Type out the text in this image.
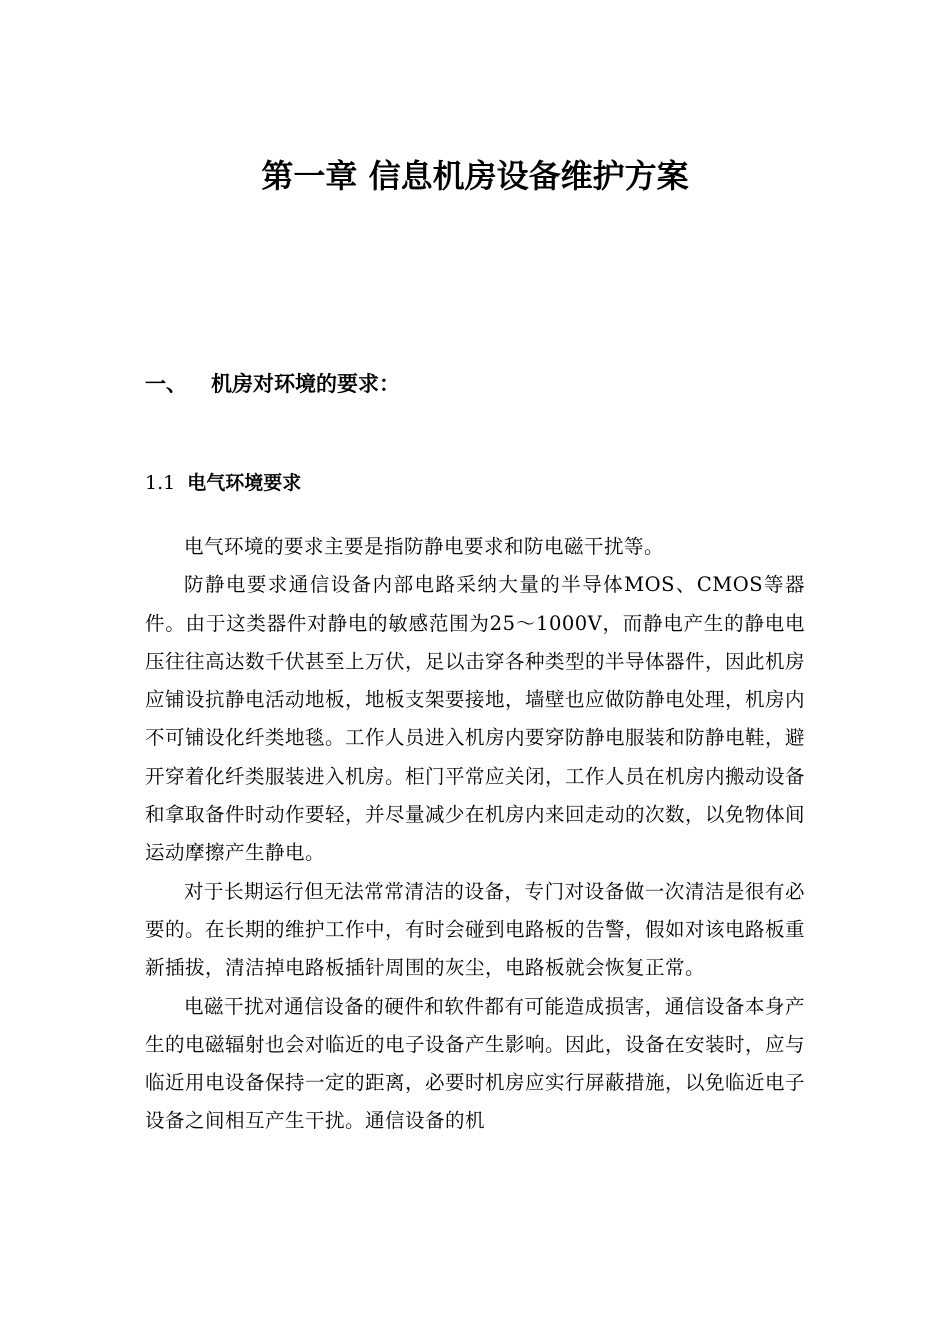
第一章 信息机房设备维护方案
一、 机房对环境的要求：
1.1 电气环境要求

电气环境的要求主要是指防静电要求和防电磁干扰等。

防静电要求通信设备内部电路采纳大量的半导体MOS、CMOS等器件。由于这类器件对静电的敏感范围为25～1000V，而静电产生的静电电压往往高达数千伏甚至上万伏，足以击穿各种类型的半导体器件，因此机房应铺设抗静电活动地板，地板支架要接地，墙壁也应做防静电处理，机房内不可铺设化纤类地毯。工作人员进入机房内要穿防静电服装和防静电鞋，避开穿着化纤类服装进入机房。柜门平常应关闭，工作人员在机房内搬动设备和拿取备件时动作要轻，并尽量减少在机房内来回走动的次数，以免物体间运动摩擦产生静电。

对于长期运行但无法常常清洁的设备，专门对设备做一次清洁是很有必要的。在长期的维护工作中，有时会碰到电路板的告警，假如对该电路板重新插拔，清洁掉电路板插针周围的灰尘，电路板就会恢复正常。

电磁干扰对通信设备的硬件和软件都有可能造成损害，通信设备本身产生的电磁辐射也会对临近的电子设备产生影响。因此，设备在安装时，应与临近用电设备保持一定的距离，必要时机房应实行屏蔽措施，以免临近电子设备之间相互产生干扰。通信设备的机
